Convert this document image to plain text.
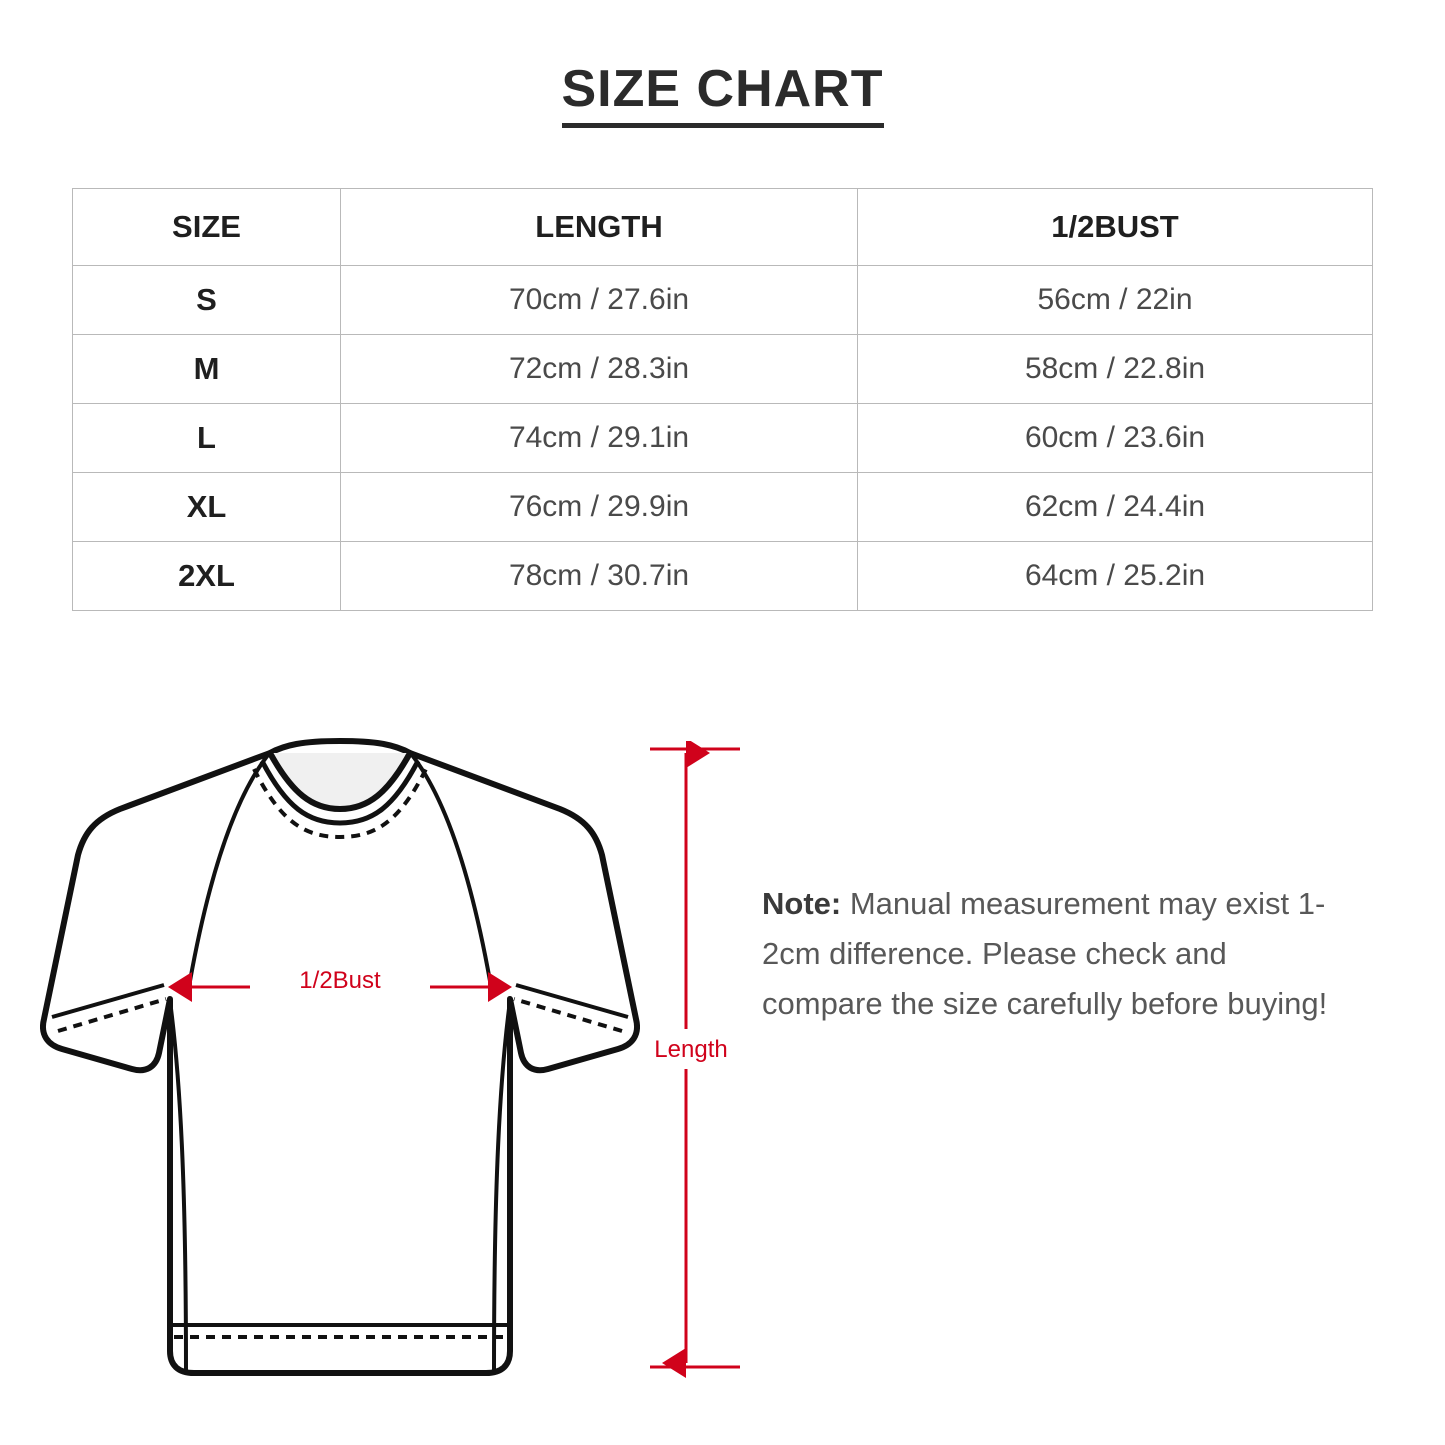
SIZE CHART
SIZE	LENGTH	1/2BUST
S	70cm / 27.6in	56cm / 22in
M	72cm / 28.3in	58cm / 22.8in
L	74cm / 29.1in	60cm / 23.6in
XL	76cm / 29.9in	62cm / 24.4in
2XL	78cm / 30.7in	64cm / 25.2in
1/2Bust
Length
Note: Manual measurement may exist 1-2cm difference. Please check and compare the size carefully before buying!
